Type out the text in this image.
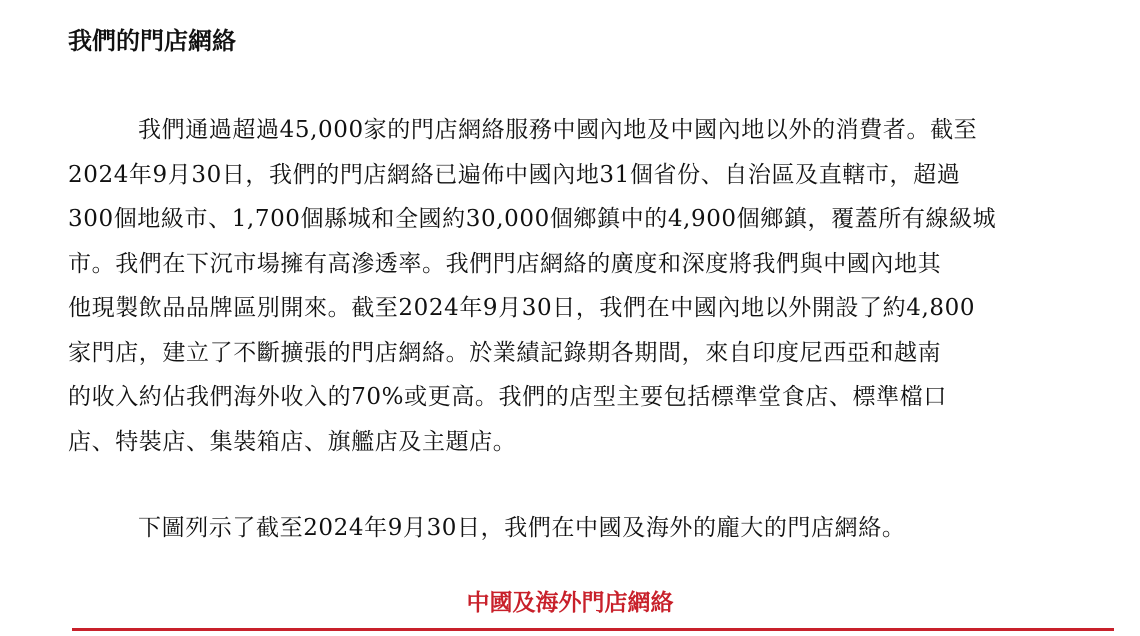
我們的門店網絡
我們通過超過45,000家的門店網絡服務中國內地及中國內地以外的消費者。截至
2024年9月30日，我們的門店網絡已遍佈中國內地31個省份、自治區及直轄市，超過
300個地級市、1,700個縣城和全國約30,000個鄉鎮中的4,900個鄉鎮，覆蓋所有線級城
市。我們在下沉市場擁有高滲透率。我們門店網絡的廣度和深度將我們與中國內地其
他現製飲品品牌區別開來。截至2024年9月30日，我們在中國內地以外開設了約4,800
家門店，建立了不斷擴張的門店網絡。於業績記錄期各期間，來自印度尼西亞和越南
的收入約佔我們海外收入的70%或更高。我們的店型主要包括標準堂食店、標準檔口
店、特裝店、集裝箱店、旗艦店及主題店。
下圖列示了截至2024年9月30日，我們在中國及海外的龐大的門店網絡。
中國及海外門店網絡
